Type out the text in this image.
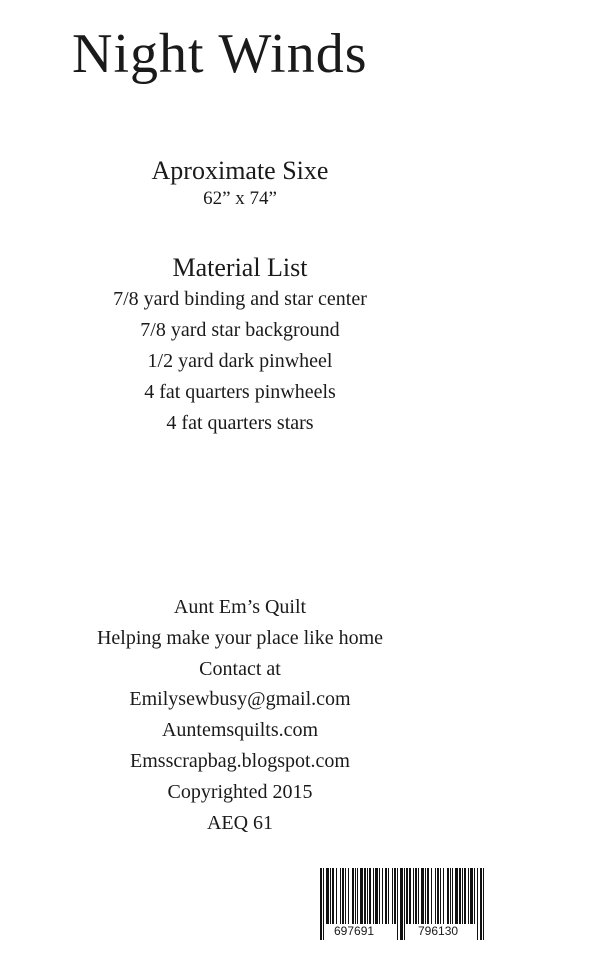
Night Winds
Aproximate Sixe
62” x 74”
Material List
7/8 yard binding and star center
7/8 yard star background
1/2 yard dark pinwheel
4 fat quarters pinwheels
4 fat quarters stars
Aunt Em’s Quilt
Helping make your place like home
Contact at
Emilysewbusy@gmail.com
Auntemsquilts.com
Emsscrapbag.blogspot.com
Copyrighted 2015
AEQ 61
697691	796130
